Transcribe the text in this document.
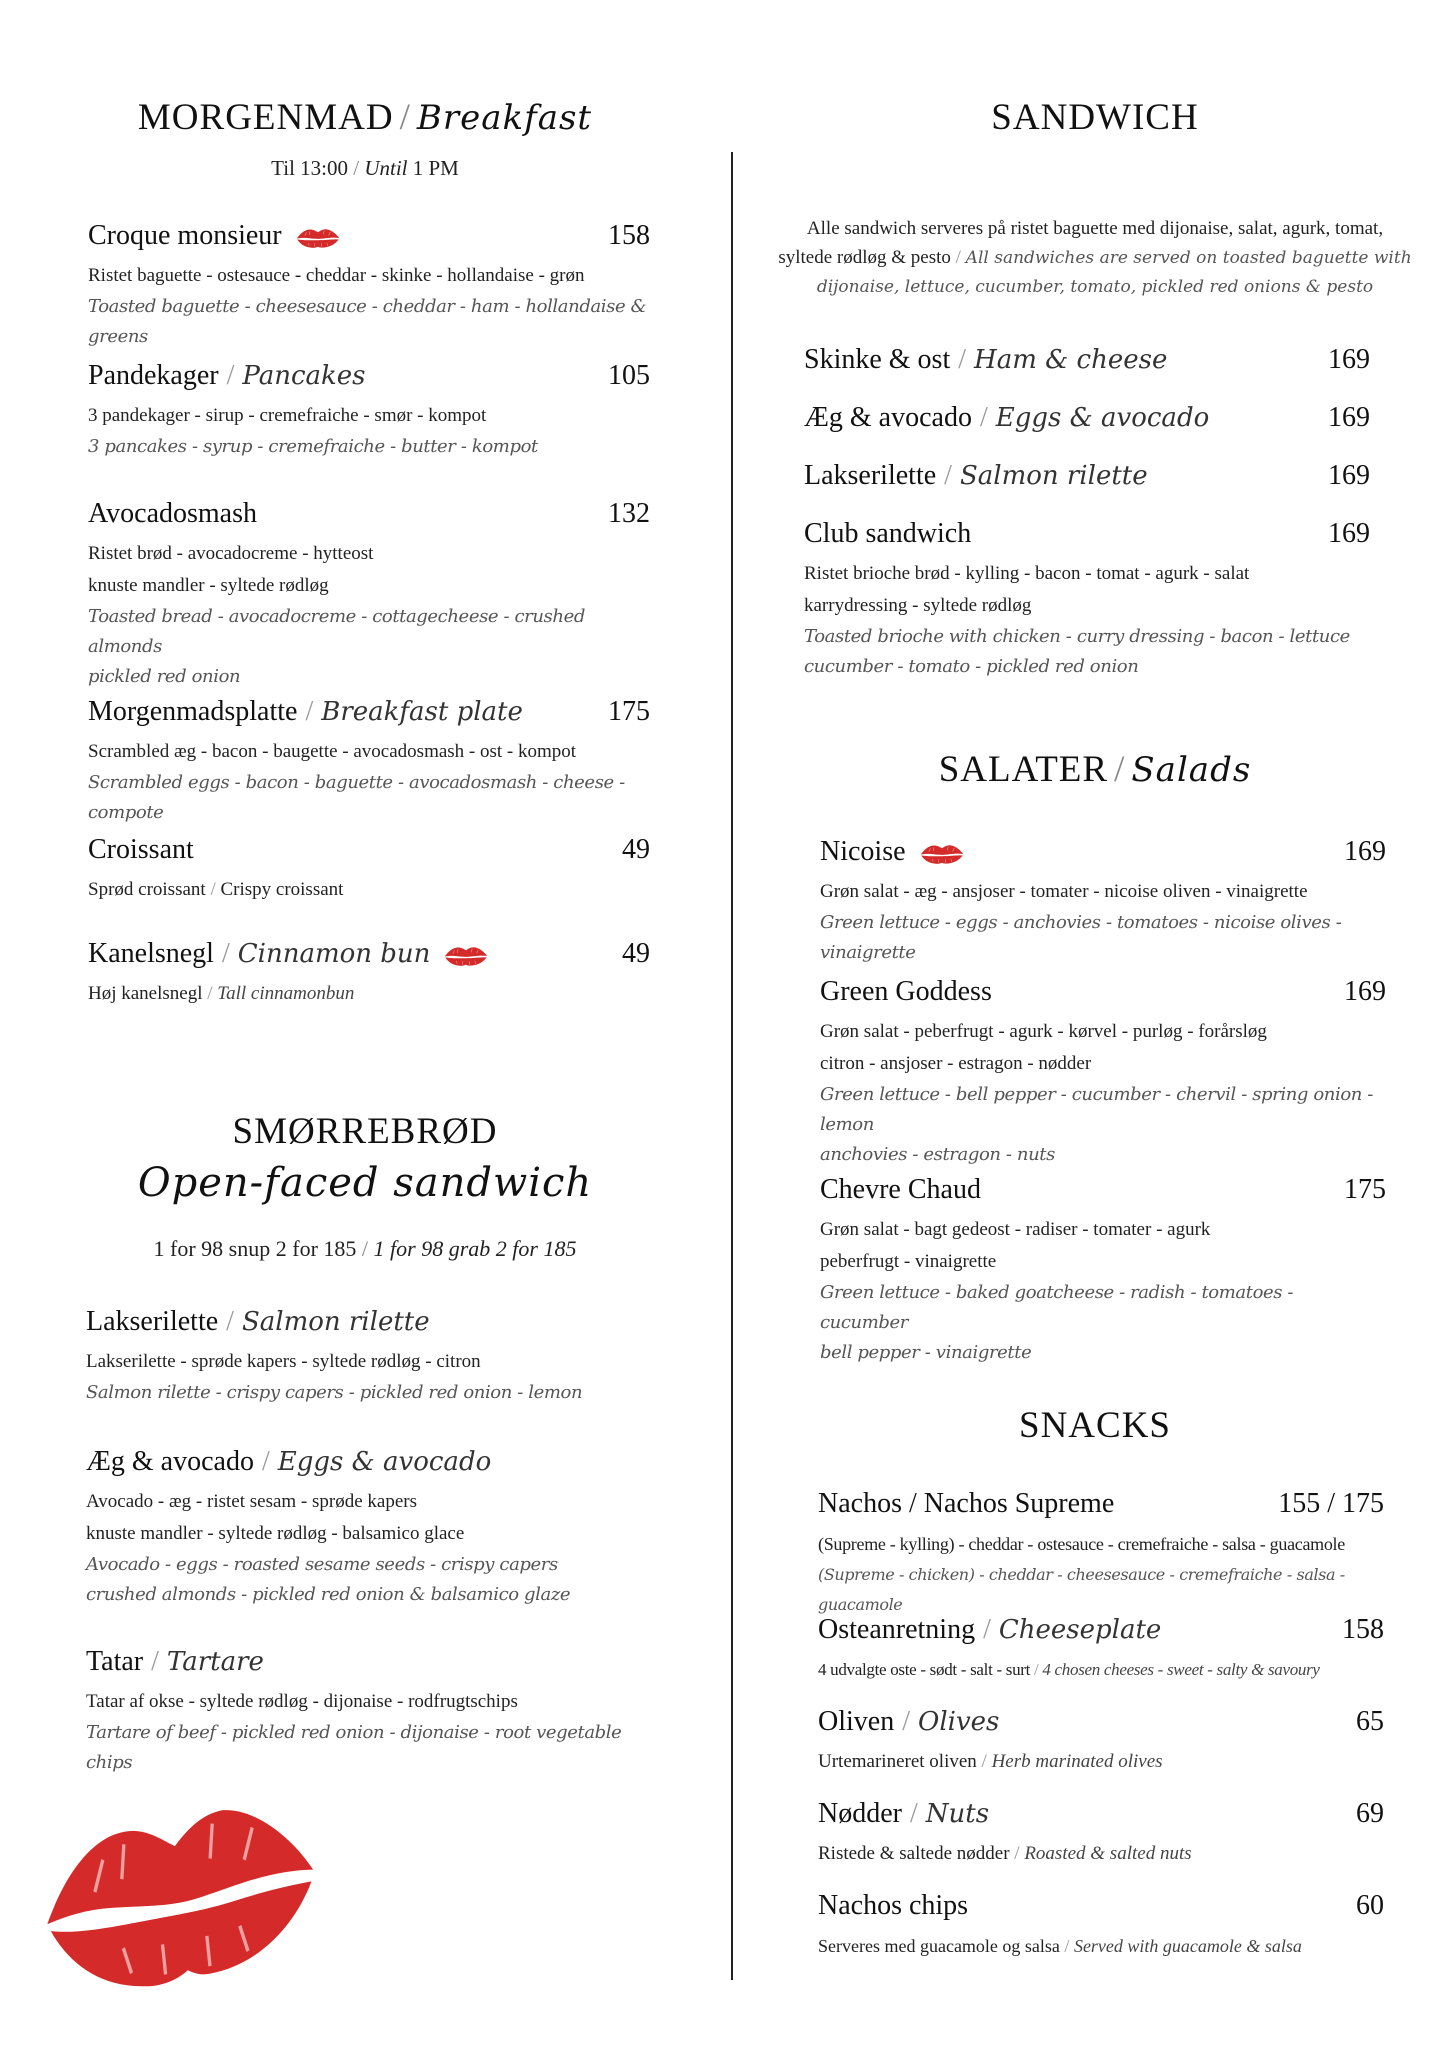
MORGENMAD / Breakfast
Til 13:00 / Until 1 PM
Croque monsieur	158
Ristet baguette - ostesauce - cheddar - skinke - hollandaise - grøn
Toasted baguette - cheesesauce - cheddar - ham - hollandaise & greens
Pandekager / Pancakes	105
3 pandekager - sirup - cremefraiche - smør - kompot
3 pancakes - syrup - cremefraiche - butter - kompot
Avocadosmash	132
Ristet brød - avocadocreme - hytteost
knuste mandler - syltede rødløg
Toasted bread - avocadocreme - cottagecheese - crushed almonds
pickled red onion
Morgenmadsplatte / Breakfast plate	175
Scrambled æg - bacon - baugette - avocadosmash - ost - kompot
Scrambled eggs - bacon - baguette - avocadosmash - cheese - compote
Croissant	49
Sprød croissant / Crispy croissant
Kanelsnegl / Cinnamon bun	49
Høj kanelsnegl / Tall cinnamonbun
SMØRREBRØD
Open-faced sandwich
1 for 98 snup 2 for 185 / 1 for 98 grab 2 for 185
Lakserilette / Salmon rilette
Lakserilette - sprøde kapers - syltede rødløg - citron
Salmon rilette - crispy capers - pickled red onion - lemon
Æg & avocado / Eggs & avocado
Avocado - æg - ristet sesam - sprøde kapers
knuste mandler - syltede rødløg - balsamico glace
Avocado - eggs - roasted sesame seeds - crispy capers
crushed almonds - pickled red onion & balsamico glaze
Tatar / Tartare
Tatar af okse - syltede rødløg - dijonaise - rodfrugtschips
Tartare of beef - pickled red onion - dijonaise - root vegetable chips
SANDWICH
Alle sandwich serveres på ristet baguette med dijonaise, salat, agurk, tomat,
syltede rødløg & pesto / All sandwiches are served on toasted baguette with
dijonaise, lettuce, cucumber, tomato, pickled red onions & pesto
Skinke & ost / Ham & cheese	169
Æg & avocado / Eggs & avocado	169
Lakserilette / Salmon rilette	169
Club sandwich	169
Ristet brioche brød - kylling - bacon - tomat - agurk - salat
karrydressing - syltede rødløg
Toasted brioche with chicken - curry dressing - bacon - lettuce
cucumber - tomato - pickled red onion
SALATER / Salads
Nicoise	169
Grøn salat - æg - ansjoser - tomater - nicoise oliven - vinaigrette
Green lettuce - eggs - anchovies - tomatoes - nicoise olives - vinaigrette
Green Goddess	169
Grøn salat - peberfrugt - agurk - kørvel - purløg - forårsløg
citron - ansjoser - estragon - nødder
Green lettuce - bell pepper - cucumber - chervil - spring onion - lemon
anchovies - estragon - nuts
Chevre Chaud	175
Grøn salat - bagt gedeost - radiser - tomater - agurk
peberfrugt - vinaigrette
Green lettuce - baked goatcheese - radish - tomatoes - cucumber
bell pepper - vinaigrette
SNACKS
Nachos / Nachos Supreme	155 / 175
(Supreme - kylling) - cheddar - ostesauce - cremefraiche - salsa - guacamole
(Supreme - chicken) - cheddar - cheesesauce - cremefraiche - salsa - guacamole
Osteanretning / Cheeseplate	158
4 udvalgte oste - sødt - salt - surt / 4 chosen cheeses - sweet - salty & savoury
Oliven / Olives	65
Urtemarineret oliven / Herb marinated olives
Nødder / Nuts	69
Ristede & saltede nødder / Roasted & salted nuts
Nachos chips	60
Serveres med guacamole og salsa / Served with guacamole & salsa
